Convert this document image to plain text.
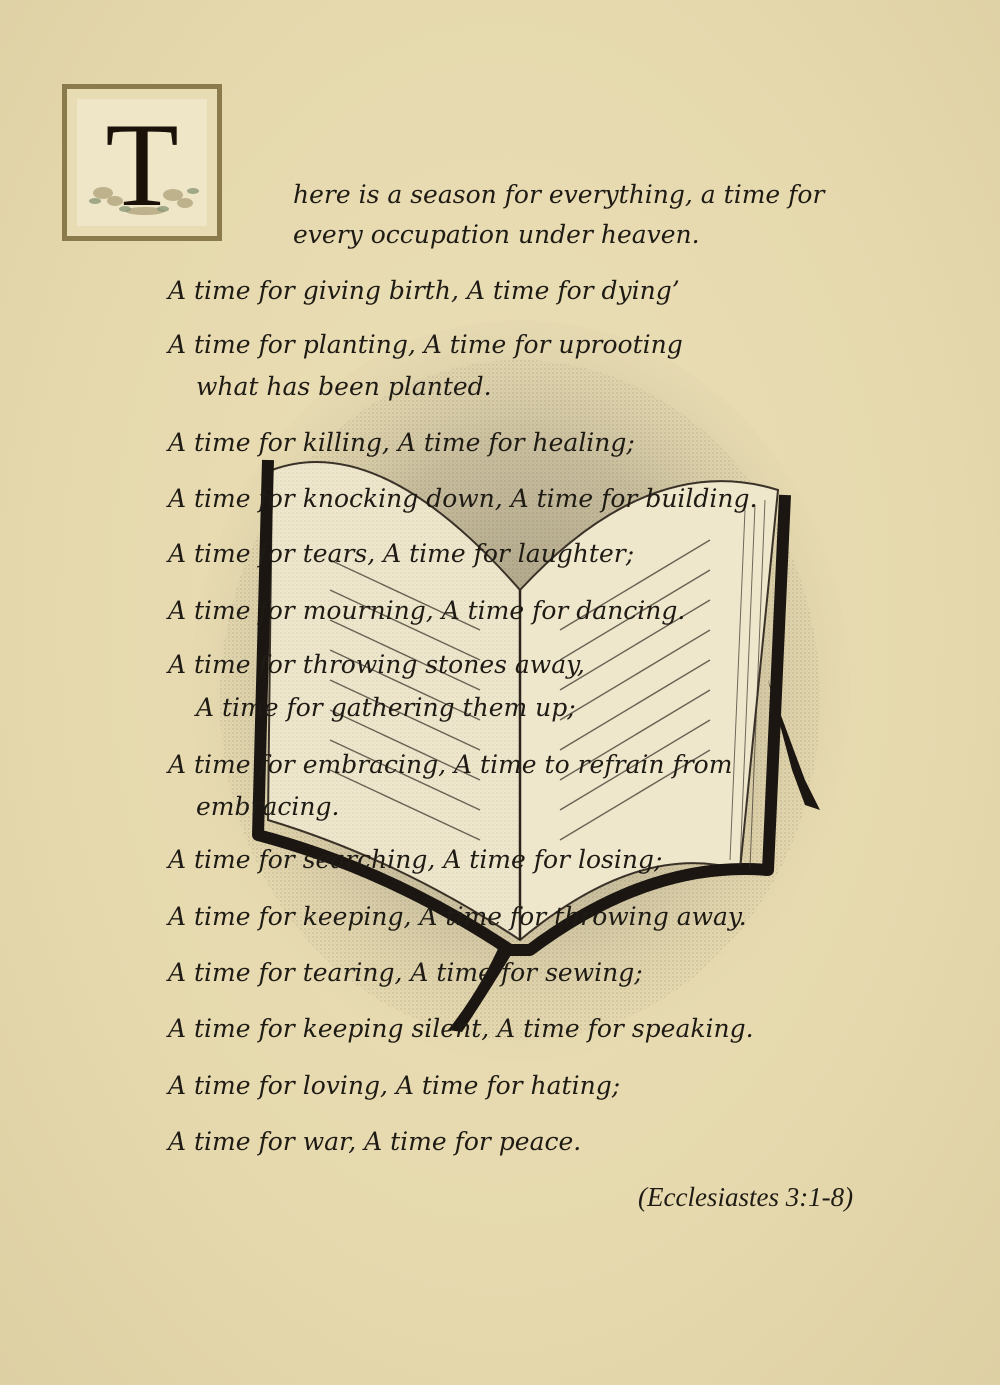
T	here is a season for everything, a time for

every occupation under heaven.

A time for giving birth, A time for dying’

A time for planting, A time for uprooting

what has been planted.

A time for killing, A time for healing;

A time for knocking down, A time for building.

A time for tears, A time for laughter;

A time for mourning, A time for dancing.

A time for throwing stones away,

A time for gathering them up;

A time for embracing, A time to refrain from

embracing.

A time for searching, A time for losing;

A time for keeping, A time for throwing away.

A time for tearing, A time for sewing;

A time for keeping silent, A time for speaking.

A time for loving, A time for hating;

A time for war, A time for peace.

(Ecclesiastes 3:1-8)
